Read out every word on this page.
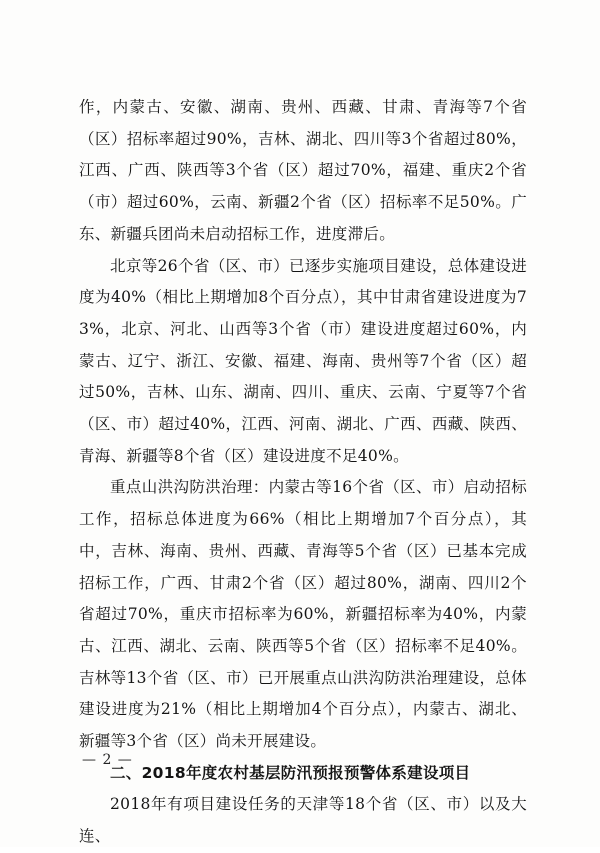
作，内蒙古、安徽、湖南、贵州、西藏、甘肃、青海等7个省（区）招标率超过90%，吉林、湖北、四川等3个省超过80%，江西、广西、陕西等3个省（区）超过70%，福建、重庆2个省（市）超过60%，云南、新疆2个省（区）招标率不足50%。广东、新疆兵团尚未启动招标工作，进度滞后。

北京等26个省（区、市）已逐步实施项目建设，总体建设进度为40%（相比上期增加8个百分点），其中甘肃省建设进度为73%，北京、河北、山西等3个省（市）建设进度超过60%，内蒙古、辽宁、浙江、安徽、福建、海南、贵州等7个省（区）超过50%，吉林、山东、湖南、四川、重庆、云南、宁夏等7个省（区、市）超过40%，江西、河南、湖北、广西、西藏、陕西、青海、新疆等8个省（区）建设进度不足40%。

重点山洪沟防洪治理：内蒙古等16个省（区、市）启动招标工作，招标总体进度为66%（相比上期增加7个百分点），其中，吉林、海南、贵州、西藏、青海等5个省（区）已基本完成招标工作，广西、甘肃2个省（区）超过80%，湖南、四川2个省超过70%，重庆市招标率为60%，新疆招标率为40%，内蒙古、江西、湖北、云南、陕西等5个省（区）招标率不足40%。吉林等13个省（区、市）已开展重点山洪沟防洪治理建设，总体建设进度为21%（相比上期增加4个百分点），内蒙古、湖北、新疆等3个省（区）尚未开展建设。

二、2018年度农村基层防汛预报预警体系建设项目

2018年有项目建设任务的天津等18个省（区、市）以及大连、

— 2 —
